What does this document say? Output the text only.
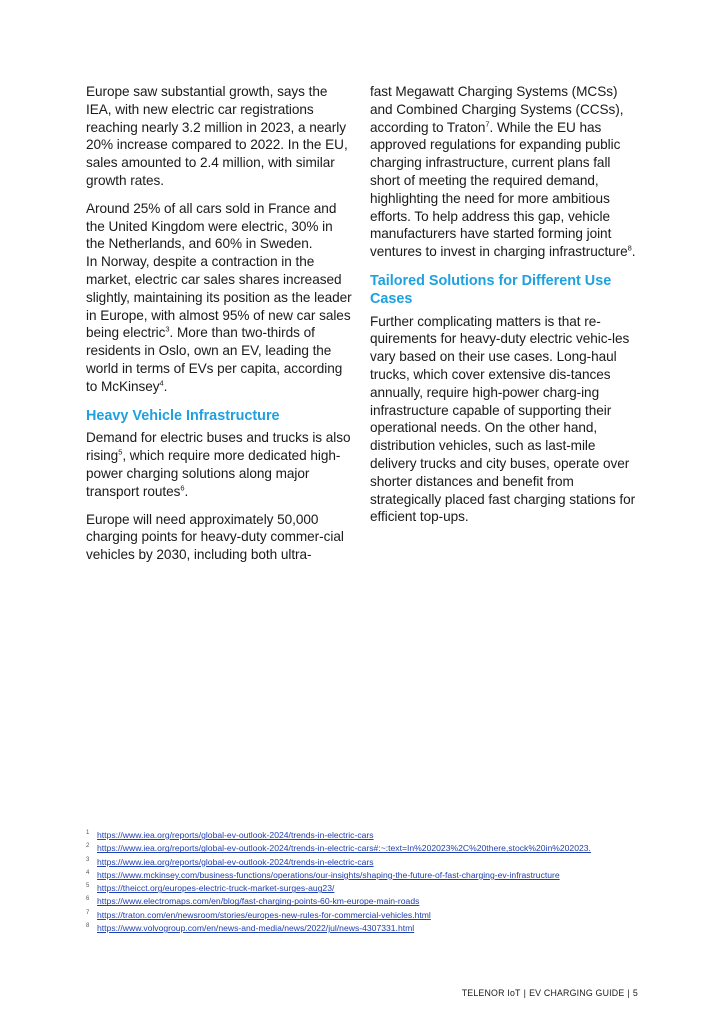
Europe saw substantial growth, says the IEA, with new electric car registrations reaching nearly 3.2 million in 2023, a nearly 20% increase compared to 2022. In the EU, sales amounted to 2.4 million, with similar growth rates.

Around 25% of all cars sold in France and the United Kingdom were electric, 30% in the Netherlands, and 60% in Sweden.
In Norway, despite a contraction in the market, electric car sales shares increased slightly, maintaining its position as the leader in Europe, with almost 95% of new car sales being electric$^3$. More than two-thirds of residents in Oslo, own an EV, leading the world in terms of EVs per capita, according to McKinsey$^4$.

Heavy Vehicle Infrastructure

Demand for electric buses and trucks is also rising$^5$, which require more dedicated high-power charging solutions along major transport routes$^6$.

Europe will need approximately 50,000 charging points for heavy-duty commer-cial vehicles by 2030, including both ultra-

fast Megawatt Charging Systems (MCSs) and Combined Charging Systems (CCSs), according to Traton$^7$. While the EU has approved regulations for expanding public charging infrastructure, current plans fall short of meeting the required demand, highlighting the need for more ambitious efforts. To help address this gap, vehicle manufacturers have started forming joint ventures to invest in charging infrastructure$^8$.

Tailored Solutions for Different Use Cases

Further complicating matters is that re-quirements for heavy-duty electric vehic-les vary based on their use cases. Long-haul trucks, which cover extensive dis-tances annually, require high-power charg-ing infrastructure capable of supporting their operational needs. On the other hand, distribution vehicles, such as last-mile delivery trucks and city buses, operate over shorter distances and benefit from strategically placed fast charging stations for efficient top-ups.

1 https://www.iea.org/reports/global-ev-outlook-2024/trends-in-electric-cars
2 https://www.iea.org/reports/global-ev-outlook-2024/trends-in-electric-cars#:~:text=In%202023%2C%20there,stock%20in%202023.
3 https://www.iea.org/reports/global-ev-outlook-2024/trends-in-electric-cars
4 https://www.mckinsey.com/business-functions/operations/our-insights/shaping-the-future-of-fast-charging-ev-infrastructure
5 https://theicct.org/europes-electric-truck-market-surges-aug23/
6 https://www.electromaps.com/en/blog/fast-charging-points-60-km-europe-main-roads
7 https://traton.com/en/newsroom/stories/europes-new-rules-for-commercial-vehicles.html
8 https://www.volvogroup.com/en/news-and-media/news/2022/jul/news-4307331.html
TELENOR IoT | EV CHARGING GUIDE | 5
